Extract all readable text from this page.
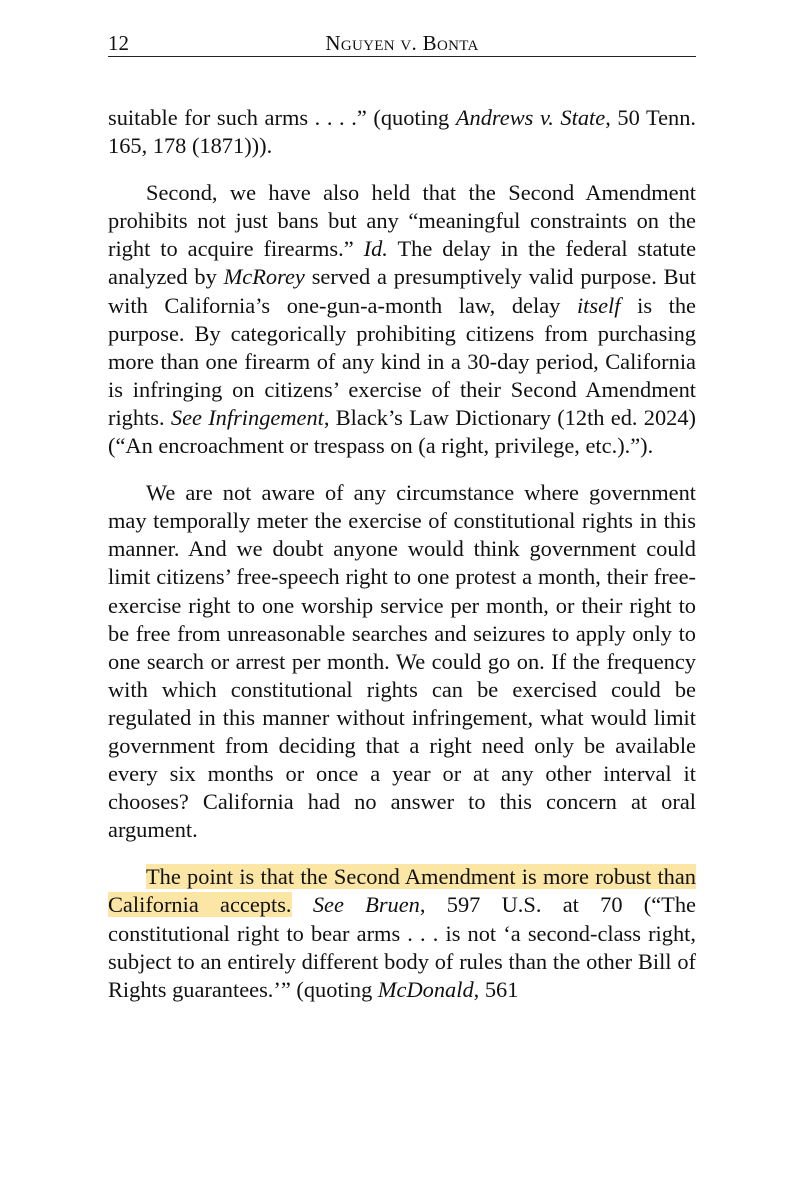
12	Nguyen v. Bonta

suitable for such arms . . . .” (quoting Andrews v. State, 50 Tenn. 165, 178 (1871))).

Second, we have also held that the Second Amendment prohibits not just bans but any “meaningful constraints on the right to acquire firearms.” Id. The delay in the federal statute analyzed by McRorey served a presumptively valid purpose. But with California’s one-gun-a-month law, delay itself is the purpose. By categorically prohibiting citizens from purchasing more than one firearm of any kind in a 30-day period, California is infringing on citizens’ exercise of their Second Amendment rights. See Infringement, Black’s Law Dictionary (12th ed. 2024) (“An encroachment or trespass on (a right, privilege, etc.).”).

We are not aware of any circumstance where government may temporally meter the exercise of constitutional rights in this manner. And we doubt anyone would think government could limit citizens’ free-speech right to one protest a month, their free-exercise right to one worship service per month, or their right to be free from unreasonable searches and seizures to apply only to one search or arrest per month. We could go on. If the frequency with which constitutional rights can be exercised could be regulated in this manner without infringement, what would limit government from deciding that a right need only be available every six months or once a year or at any other interval it chooses? California had no answer to this concern at oral argument.

The point is that the Second Amendment is more robust than California accepts. See Bruen, 597 U.S. at 70 (“The constitutional right to bear arms . . . is not ‘a second-class right, subject to an entirely different body of rules than the other Bill of Rights guarantees.’” (quoting McDonald, 561
